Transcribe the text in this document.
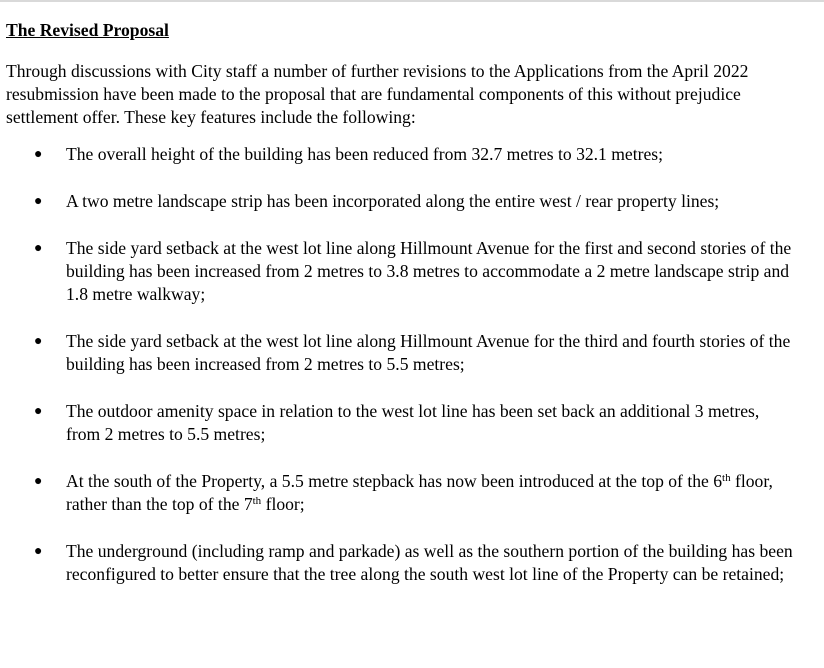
The Revised Proposal

Through discussions with City staff a number of further revisions to the Applications from the April 2022 resubmission have been made to the proposal that are fundamental components of this without prejudice settlement offer. These key features include the following:

● The overall height of the building has been reduced from 32.7 metres to 32.1 metres;
● A two metre landscape strip has been incorporated along the entire west / rear property lines;
● The side yard setback at the west lot line along Hillmount Avenue for the first and second stories of the building has been increased from 2 metres to 3.8 metres to accommodate a 2 metre landscape strip and 1.8 metre walkway;
● The side yard setback at the west lot line along Hillmount Avenue for the third and fourth stories of the building has been increased from 2 metres to 5.5 metres;
● The outdoor amenity space in relation to the west lot line has been set back an additional 3 metres, from 2 metres to 5.5 metres;
● At the south of the Property, a 5.5 metre stepback has now been introduced at the top of the 6th floor, rather than the top of the 7th floor;
● The underground (including ramp and parkade) as well as the southern portion of the building has been reconfigured to better ensure that the tree along the south west lot line of the Property can be retained;
